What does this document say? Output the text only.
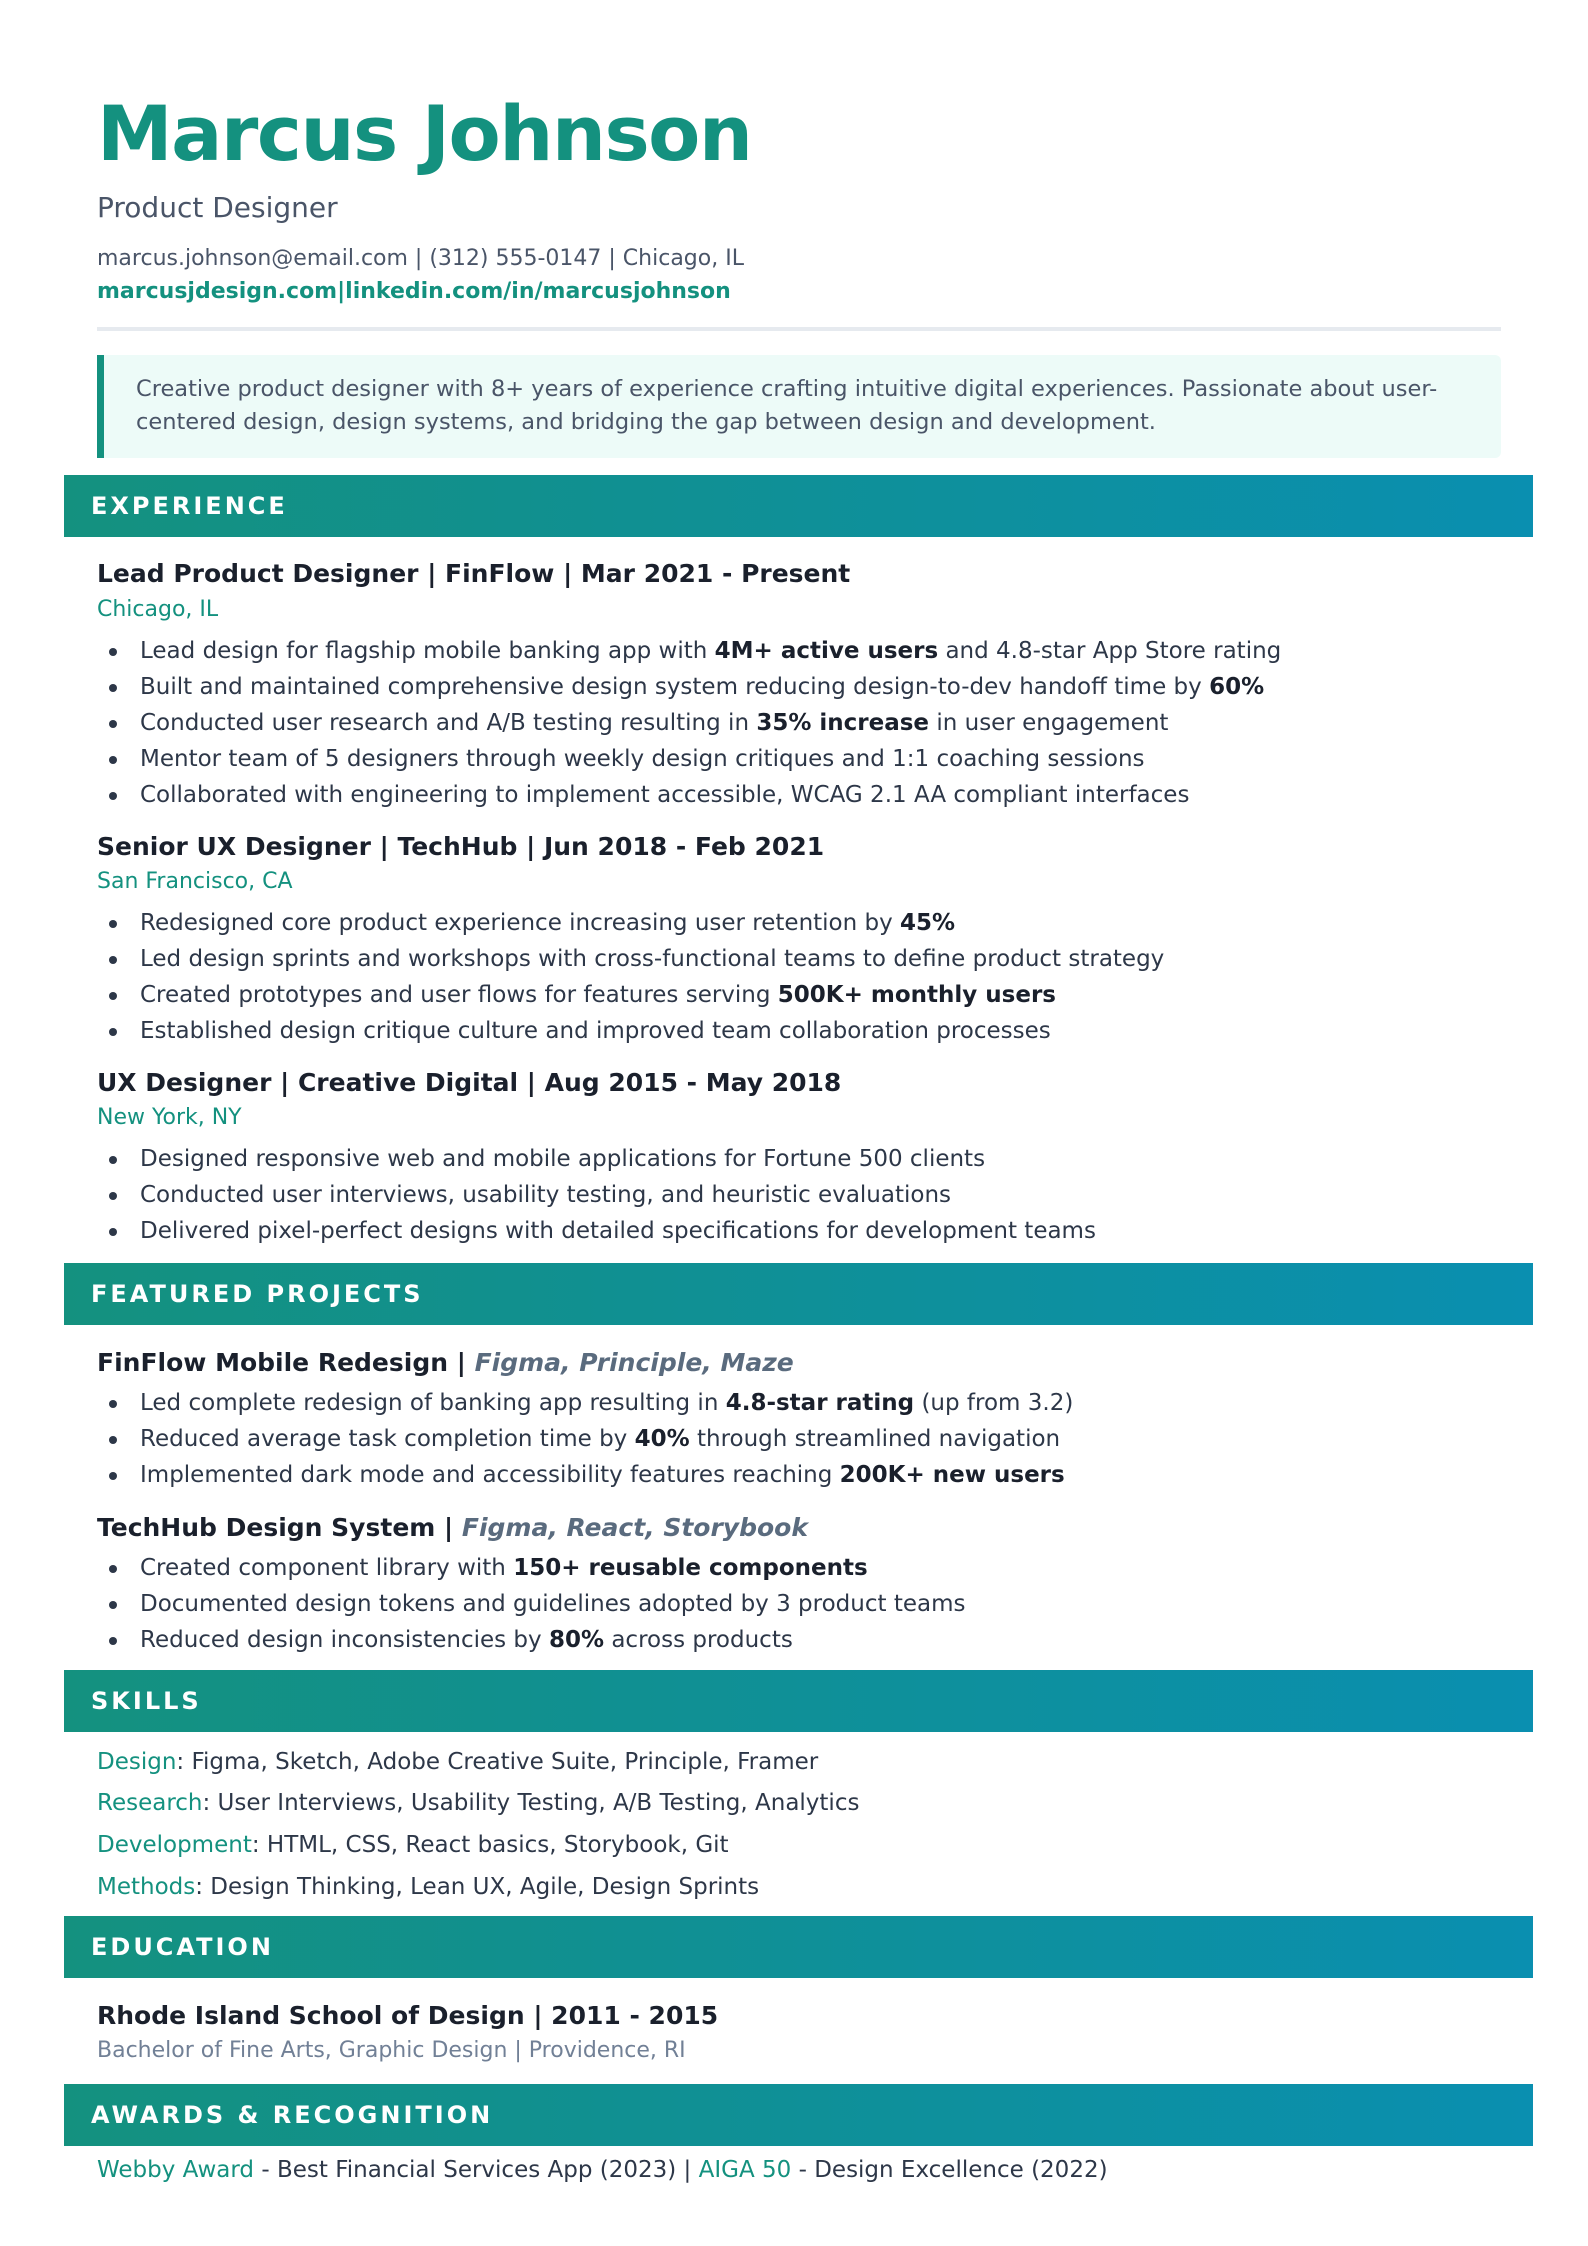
Marcus Johnson
Product Designer
marcus.johnson@email.com | (312) 555-0147 | Chicago, IL
marcusjdesign.com|linkedin.com/in/marcusjohnson
Creative product designer with 8+ years of experience crafting intuitive digital experiences. Passionate about user-centered design, design systems, and bridging the gap between design and development.
EXPERIENCE
Lead Product Designer | FinFlow | Mar 2021 - Present
Chicago, IL
Lead design for flagship mobile banking app with 4M+ active users and 4.8-star App Store rating
Built and maintained comprehensive design system reducing design-to-dev handoff time by 60%
Conducted user research and A/B testing resulting in 35% increase in user engagement
Mentor team of 5 designers through weekly design critiques and 1:1 coaching sessions
Collaborated with engineering to implement accessible, WCAG 2.1 AA compliant interfaces
Senior UX Designer | TechHub | Jun 2018 - Feb 2021
San Francisco, CA
Redesigned core product experience increasing user retention by 45%
Led design sprints and workshops with cross-functional teams to define product strategy
Created prototypes and user flows for features serving 500K+ monthly users
Established design critique culture and improved team collaboration processes
UX Designer | Creative Digital | Aug 2015 - May 2018
New York, NY
Designed responsive web and mobile applications for Fortune 500 clients
Conducted user interviews, usability testing, and heuristic evaluations
Delivered pixel-perfect designs with detailed specifications for development teams
FEATURED PROJECTS
FinFlow Mobile Redesign | Figma, Principle, Maze
Led complete redesign of banking app resulting in 4.8-star rating (up from 3.2)
Reduced average task completion time by 40% through streamlined navigation
Implemented dark mode and accessibility features reaching 200K+ new users
TechHub Design System | Figma, React, Storybook
Created component library with 150+ reusable components
Documented design tokens and guidelines adopted by 3 product teams
Reduced design inconsistencies by 80% across products
SKILLS
Design: Figma, Sketch, Adobe Creative Suite, Principle, Framer
Research: User Interviews, Usability Testing, A/B Testing, Analytics
Development: HTML, CSS, React basics, Storybook, Git
Methods: Design Thinking, Lean UX, Agile, Design Sprints
EDUCATION
Rhode Island School of Design | 2011 - 2015
Bachelor of Fine Arts, Graphic Design | Providence, RI
AWARDS & RECOGNITION
Webby Award - Best Financial Services App (2023) | AIGA 50 - Design Excellence (2022)
